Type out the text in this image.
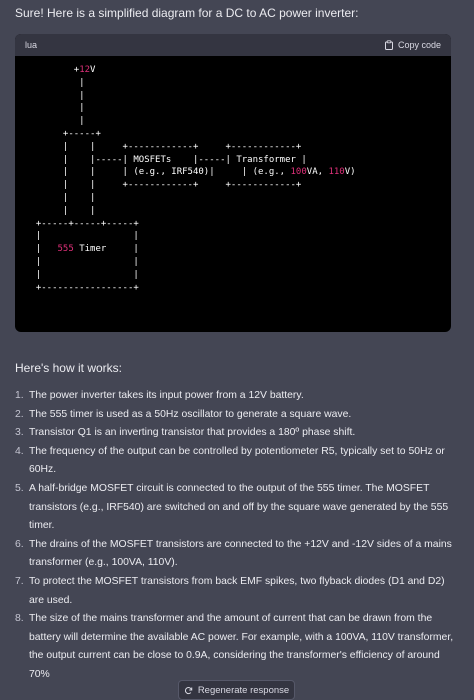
Sure! Here is a simplified diagram for a DC to AC power inverter:
lua	Copy code
+12V
|
|
|
|
+-----+
|    |     +------------+     +------------+
|    |-----| MOSFETs    |-----| Transformer |
|    |     | (e.g., IRF540)|     | (e.g., 100VA, 110V)
|    |     +------------+     +------------+
|    |
|    |
+-----+-----+-----+
|                 |
|   555 Timer     |
|                 |
|                 |
+-----------------+
Here's how it works:
1. The power inverter takes its input power from a 12V battery.
2. The 555 timer is used as a 50Hz oscillator to generate a square wave.
3. Transistor Q1 is an inverting transistor that provides a 180º phase shift.
4. The frequency of the output can be controlled by potentiometer R5, typically set to 50Hz or 60Hz.
5. A half-bridge MOSFET circuit is connected to the output of the 555 timer. The MOSFET transistors (e.g., IRF540) are switched on and off by the square wave generated by the 555 timer.
6. The drains of the MOSFET transistors are connected to the +12V and -12V sides of a mains transformer (e.g., 100VA, 110V).
7. To protect the MOSFET transistors from back EMF spikes, two flyback diodes (D1 and D2) are used.
8. The size of the mains transformer and the amount of current that can be drawn from the battery will determine the available AC power. For example, with a 100VA, 110V transformer, the output current can be close to 0.9A, considering the transformer's efficiency of around 70%
Regenerate response
